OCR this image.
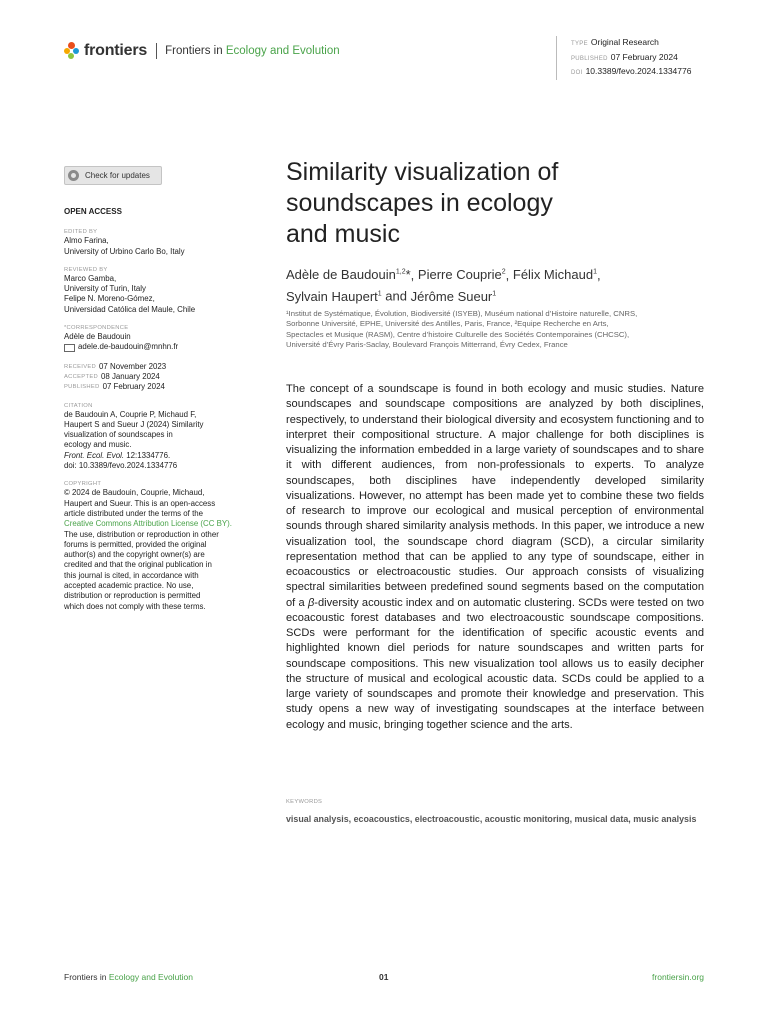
frontiers Frontiers in Ecology and Evolution
TYPE Original Research
PUBLISHED 07 February 2024
DOI 10.3389/fevo.2024.1334776
Check for updates
OPEN ACCESS
EDITED BY
Almo Farina,
University of Urbino Carlo Bo, Italy
REVIEWED BY
Marco Gamba,
University of Turin, Italy
Felipe N. Moreno-Gómez,
Universidad Católica del Maule, Chile
*CORRESPONDENCE
Adèle de Baudouin
adele.de-baudouin@mnhn.fr
RECEIVED 07 November 2023
ACCEPTED 08 January 2024
PUBLISHED 07 February 2024
CITATION
de Baudouin A, Couprie P, Michaud F,
Haupert S and Sueur J (2024) Similarity
visualization of soundscapes in
ecology and music.
Front. Ecol. Evol. 12:1334776.
doi: 10.3389/fevo.2024.1334776
COPYRIGHT
© 2024 de Baudouin, Couprie, Michaud,
Haupert and Sueur. This is an open-access
article distributed under the terms of the
Creative Commons Attribution License (CC BY).
The use, distribution or reproduction in other
forums is permitted, provided the original
author(s) and the copyright owner(s) are
credited and that the original publication in
this journal is cited, in accordance with
accepted academic practice. No use,
distribution or reproduction is permitted
which does not comply with these terms.
Similarity visualization of
soundscapes in ecology
and music
Adèle de Baudouin$^{1,2}$*, Pierre Couprie$^2$, Félix Michaud$^1$,
Sylvain Haupert$^1$ and Jérôme Sueur$^1$
¹Institut de Systématique, Évolution, Biodiversité (ISYEB), Muséum national d’Histoire naturelle, CNRS,
Sorbonne Université, EPHE, Université des Antilles, Paris, France, ²Equipe Recherche en Arts,
Spectacles et Musique (RASM), Centre d’histoire Culturelle des Sociétés Contemporaines (CHCSC),
Université d’Évry Paris-Saclay, Boulevard François Mitterrand, Évry Cedex, France

The concept of a soundscape is found in both ecology and music studies. Nature soundscapes and soundscape compositions are analyzed by both disciplines, respectively, to understand their biological diversity and ecosystem functioning and to interpret their compositional structure. A major challenge for both disciplines is visualizing the information embedded in a large variety of soundscapes and to share it with different audiences, from non-professionals to experts. To analyze soundscapes, both disciplines have independently developed similarity visualizations. However, no attempt has been made yet to combine these two fields of research to improve our ecological and musical perception of environmental sounds through shared similarity analysis methods. In this paper, we introduce a new visualization tool, the soundscape chord diagram (SCD), a circular similarity representation method that can be applied to any type of soundscape, either in ecoacoustics or electroacoustic studies. Our approach consists of visualizing spectral similarities between predefined sound segments based on the computation of a β-diversity acoustic index and on automatic clustering. SCDs were tested on two ecoacoustic forest databases and two electroacoustic soundscape compositions. SCDs were performant for the identification of specific acoustic events and highlighted known diel periods for nature soundscapes and written parts for soundscape compositions. This new visualization tool allows us to easily decipher the structure of musical and ecological acoustic data. SCDs could be applied to a large variety of soundscapes and promote their knowledge and preservation. This study opens a new way of investigating soundscapes at the interface between ecology and music, bringing together science and the arts.

KEYWORDS
visual analysis, ecoacoustics, electroacoustic, acoustic monitoring, musical data, music analysis
Frontiers in Ecology and Evolution	01	frontiersin.org
